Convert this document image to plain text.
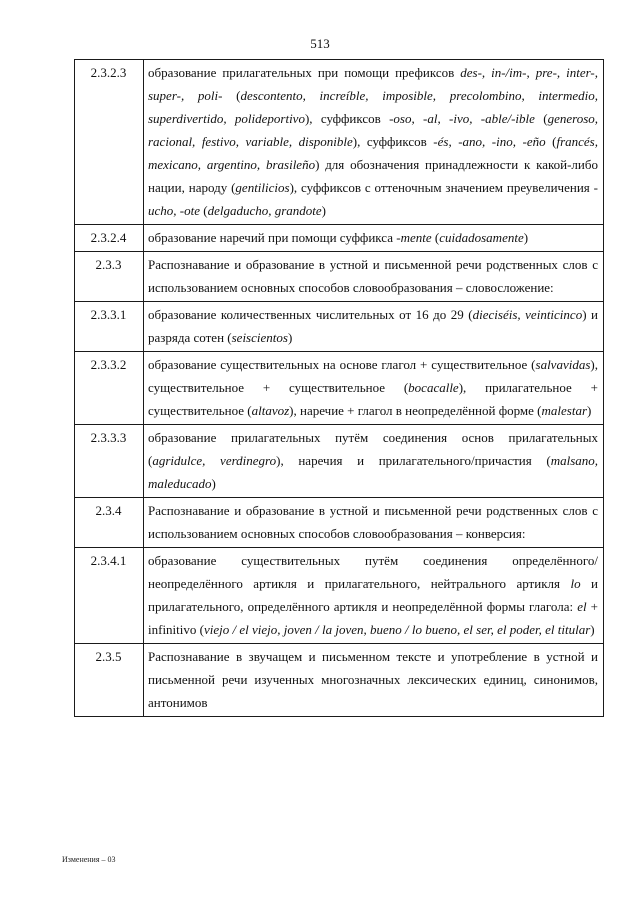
513
2.3.2.3	образование прилагательных при помощи префиксов des-, in-/im-, pre-, inter-, super-, poli- (descontento, increíble, imposible, precolombino, intermedio, superdivertido, polideportivo), суффиксов -oso, -al, -ivo, -able/-ible (generoso, racional, festivo, variable, disponible), суффиксов -és, -ano, -ino, -eño (francés, mexicano, argentino, brasileño) для обозначения принадлежности к какой-либо нации, народу (gentilicios), суффиксов с оттеночным значением преувеличения -ucho, -ote (delgaducho, grandote)
2.3.2.4	образование наречий при помощи суффикса -mente (cuidadosamente)
2.3.3	Распознавание и образование в устной и письменной речи родственных слов с использованием основных способов словообразования – словосложение:
2.3.3.1	образование количественных числительных от 16 до 29 (dieciséis, veinticinco) и разряда сотен (seiscientos)
2.3.3.2	образование существительных на основе глагол + существительное (salvavidas), существительное + существительное (bocacalle), прилагательное + существительное (altavoz), наречие + глагол в неопределённой форме (malestar)
2.3.3.3	образование прилагательных путём соединения основ прилагательных (agridulce, verdinegro), наречия и прилагательного/причастия (malsano, maleducado)
2.3.4	Распознавание и образование в устной и письменной речи родственных слов с использованием основных способов словообразования – конверсия:
2.3.4.1	образование существительных путём соединения определённого/неопределённого артикля и прилагательного, нейтрального артикля lo и прилагательного, определённого артикля и неопределённой формы глагола: el + infinitivo (viejo / el viejo, joven / la joven, bueno / lo bueno, el ser, el poder, el titular)
2.3.5	Распознавание в звучащем и письменном тексте и употребление в устной и письменной речи изученных многозначных лексических единиц, синонимов, антонимов
Изменения – 03
